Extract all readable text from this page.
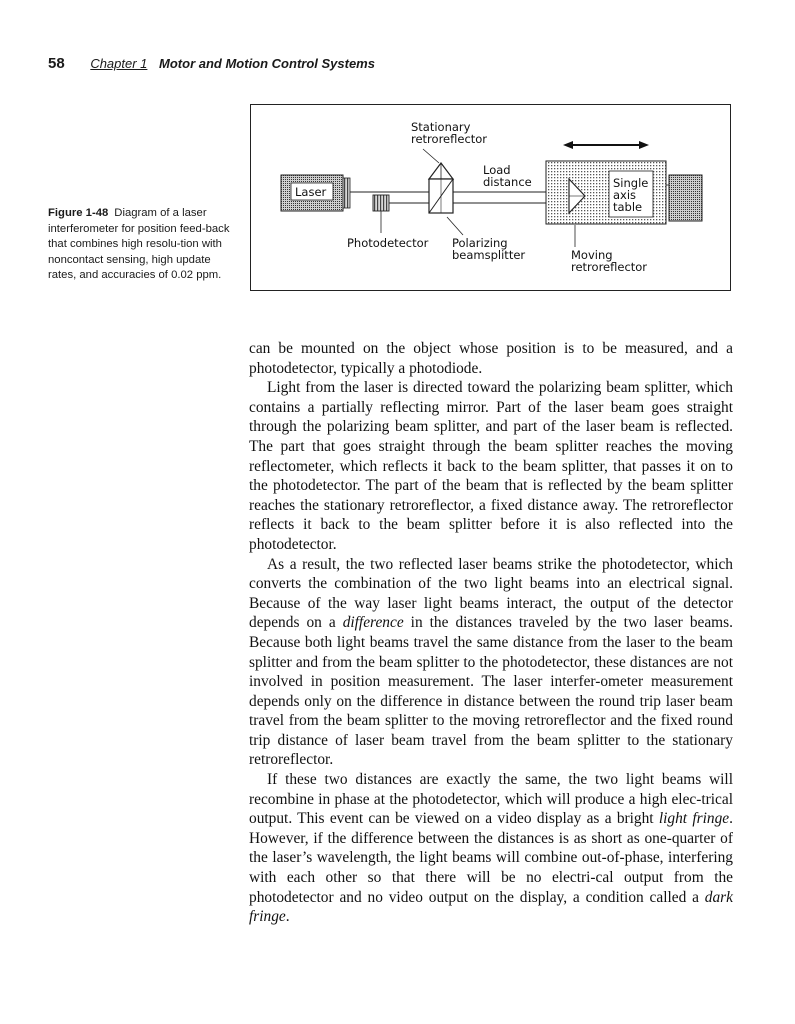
58 Chapter 1 Motor and Motion Control Systems
Figure 1-48 Diagram of a laser interferometer for position feed-back that combines high resolu-tion with noncontact sensing, high update rates, and accuracies of 0.02 ppm.
Stationary
retroreflector
Load
distance
Laser
Single
axis
table
Photodetector Polarizing
beamsplitter	Moving
retroreflector

can be mounted on the object whose position is to be measured, and a photodetector, typically a photodiode.

Light from the laser is directed toward the polarizing beam splitter, which contains a partially reflecting mirror. Part of the laser beam goes straight through the polarizing beam splitter, and part of the laser beam is reflected. The part that goes straight through the beam splitter reaches the moving reflectometer, which reflects it back to the beam splitter, that passes it on to the photodetector. The part of the beam that is reflected by the beam splitter reaches the stationary retroreflector, a fixed distance away. The retroreflector reflects it back to the beam splitter before it is also reflected into the photodetector.

As a result, the two reflected laser beams strike the photodetector, which converts the combination of the two light beams into an electrical signal. Because of the way laser light beams interact, the output of the detector depends on a difference in the distances traveled by the two laser beams. Because both light beams travel the same distance from the laser to the beam splitter and from the beam splitter to the photodetector, these distances are not involved in position measurement. The laser interfer-ometer measurement depends only on the difference in distance between the round trip laser beam travel from the beam splitter to the moving retroreflector and the fixed round trip distance of laser beam travel from the beam splitter to the stationary retroreflector.

If these two distances are exactly the same, the two light beams will recombine in phase at the photodetector, which will produce a high elec-trical output. This event can be viewed on a video display as a bright light fringe. However, if the difference between the distances is as short as one-quarter of the laser’s wavelength, the light beams will combine out-of-phase, interfering with each other so that there will be no electri-cal output from the photodetector and no video output on the display, a condition called a dark fringe.
